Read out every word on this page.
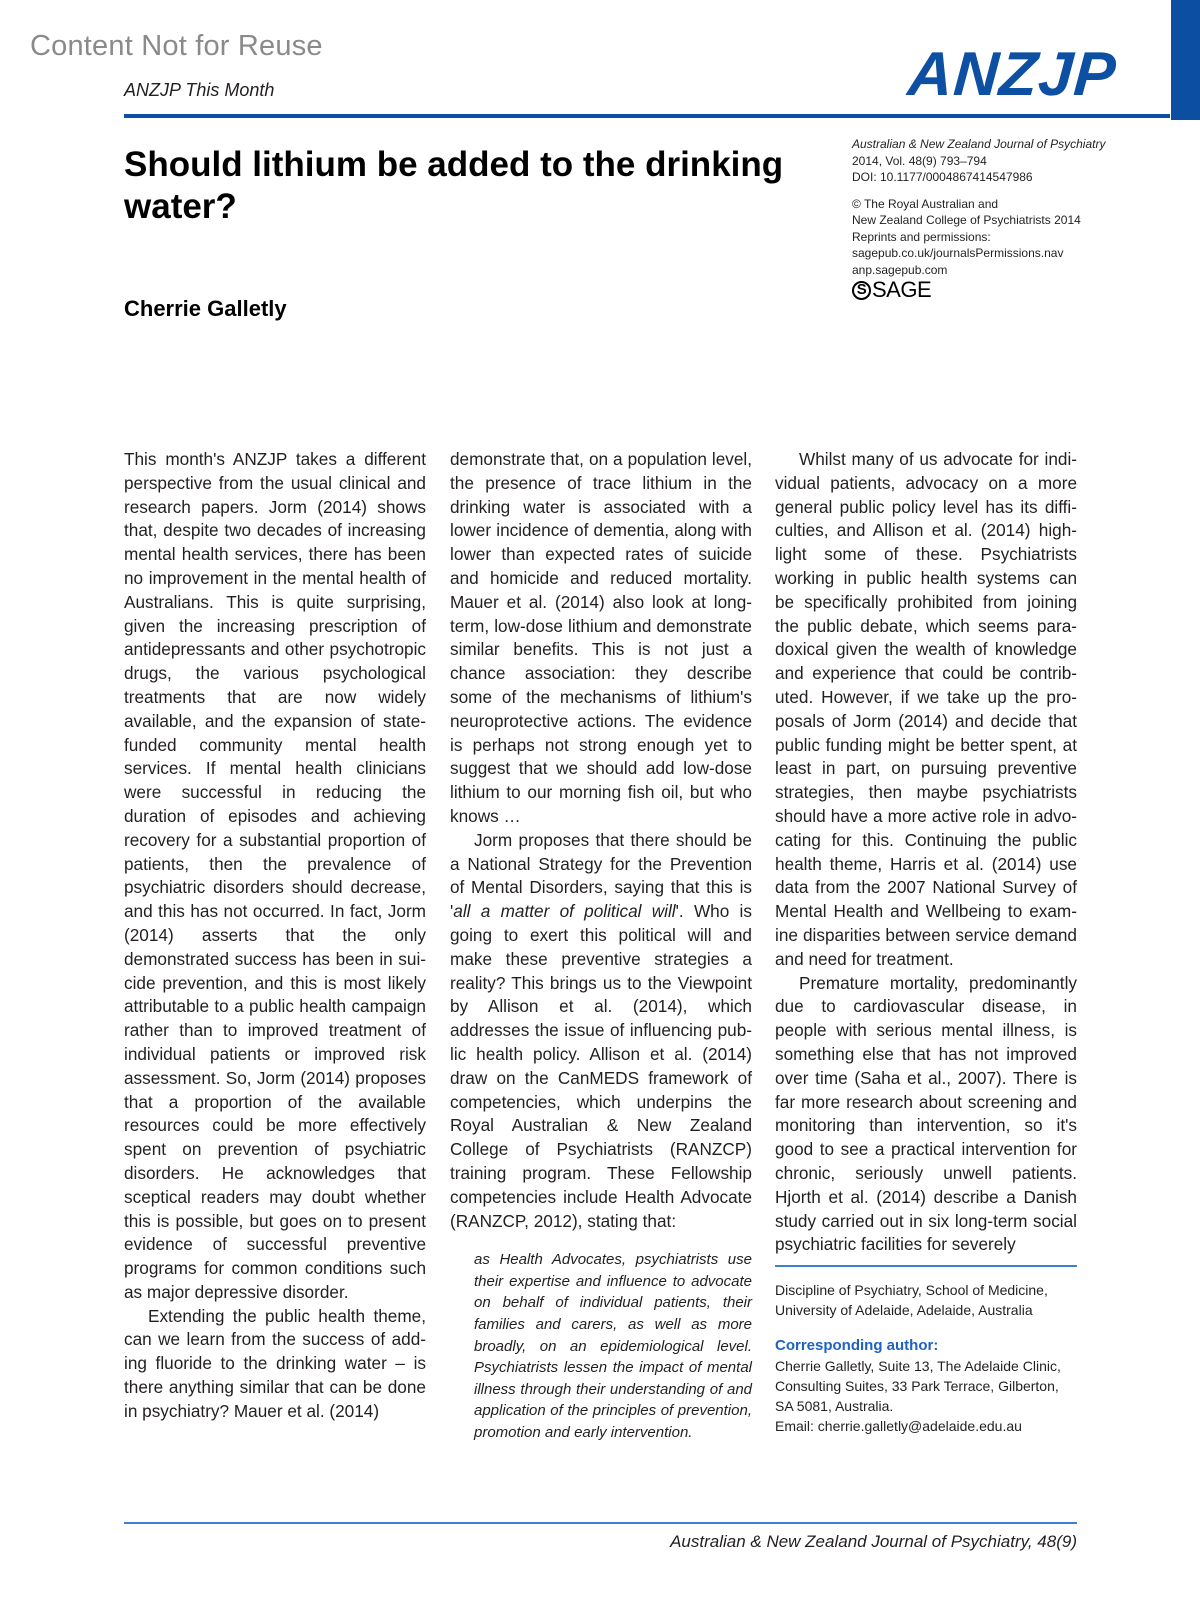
Content Not for Reuse
ANZJP This Month	ANZJP
Should lithium be added to the drinking water?
Cherrie Galletly
Australian & New Zealand Journal of Psychiatry
2014, Vol. 48(9) 793–794
DOI: 10.1177/0004867414547986
© The Royal Australian and
New Zealand College of Psychiatrists 2014
Reprints and permissions:
sagepub.co.uk/journalsPermissions.nav
anp.sagepub.com
S SAGE

This month's ANZJP takes a different perspective from the usual clinical and research papers. Jorm (2014) shows that, despite two decades of increasing mental health services, there has been no improvement in the mental health of Australians. This is quite surprising, given the increasing prescription of antidepressants and other psychotropic drugs, the various psychological treatments that are now widely available, and the expansion of state-funded community mental health services. If mental health clinicians were successful in reducing the duration of episodes and achieving recovery for a substantial proportion of patients, then the prevalence of psychiatric disorders should decrease, and this has not occurred. In fact, Jorm (2014) asserts that the only demonstrated success has been in suicide prevention, and this is most likely attributable to a public health campaign rather than to improved treatment of individual patients or improved risk assessment. So, Jorm (2014) proposes that a proportion of the available resources could be more effectively spent on prevention of psychiatric disorders. He acknowledges that sceptical readers may doubt whether this is possible, but goes on to present evidence of successful preventive programs for common conditions such as major depressive disorder.

Extending the public health theme, can we learn from the success of adding fluoride to the drinking water – is there anything similar that can be done in psychiatry? Mauer et al. (2014)

demonstrate that, on a population level, the presence of trace lithium in the drinking water is associated with a lower incidence of dementia, along with lower than expected rates of suicide and homicide and reduced mortality. Mauer et al. (2014) also look at long-term, low-dose lithium and demonstrate similar benefits. This is not just a chance association: they describe some of the mechanisms of lithium's neuroprotective actions. The evidence is perhaps not strong enough yet to suggest that we should add low-dose lithium to our morning fish oil, but who knows …

Jorm proposes that there should be a National Strategy for the Prevention of Mental Disorders, saying that this is 'all a matter of political will'. Who is going to exert this political will and make these preventive strategies a reality? This brings us to the Viewpoint by Allison et al. (2014), which addresses the issue of influencing public health policy. Allison et al. (2014) draw on the CanMEDS framework of competencies, which underpins the Royal Australian & New Zealand College of Psychiatrists (RANZCP) training program. These Fellowship competencies include Health Advocate (RANZCP, 2012), stating that:

as Health Advocates, psychiatrists use their expertise and influence to advocate on behalf of individual patients, their families and carers, as well as more broadly, on an epidemiological level. Psychiatrists lessen the impact of mental illness through their understanding of and application of the principles of prevention, promotion and early intervention.

Whilst many of us advocate for individual patients, advocacy on a more general public policy level has its difficulties, and Allison et al. (2014) highlight some of these. Psychiatrists working in public health systems can be specifically prohibited from joining the public debate, which seems paradoxical given the wealth of knowledge and experience that could be contributed. However, if we take up the proposals of Jorm (2014) and decide that public funding might be better spent, at least in part, on pursuing preventive strategies, then maybe psychiatrists should have a more active role in advocating for this. Continuing the public health theme, Harris et al. (2014) use data from the 2007 National Survey of Mental Health and Wellbeing to examine disparities between service demand and need for treatment.

Premature mortality, predominantly due to cardiovascular disease, in people with serious mental illness, is something else that has not improved over time (Saha et al., 2007). There is far more research about screening and monitoring than intervention, so it's good to see a practical intervention for chronic, seriously unwell patients. Hjorth et al. (2014) describe a Danish study carried out in six long-term social psychiatric facilities for severely

Discipline of Psychiatry, School of Medicine,

University of Adelaide, Adelaide, Australia

Corresponding author:

Cherrie Galletly, Suite 13, The Adelaide Clinic,

Consulting Suites, 33 Park Terrace, Gilberton,

SA 5081, Australia.

Email: cherrie.galletly@adelaide.edu.au

Australian & New Zealand Journal of Psychiatry, 48(9)
